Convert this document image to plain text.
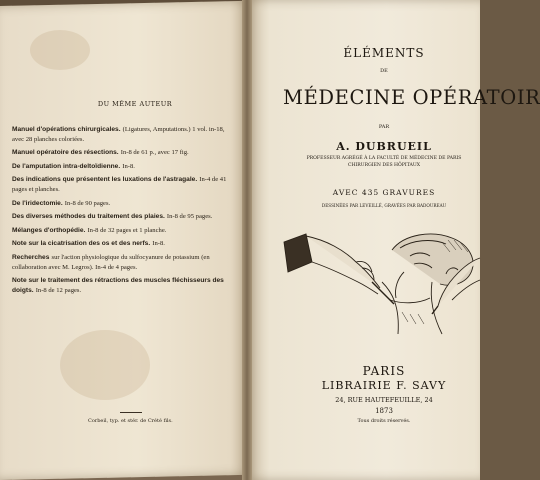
DU MÊME AUTEUR
Manuel d'opérations chirurgicales. (Ligatures, Amputations.) 1 vol. in-18, avec 28 planches coloriées.
Manuel opératoire des résections. In-8 de 61 p., avec 17 fig.
De l'amputation intra-deltoïdienne. In-8.
Des indications que présentent les luxations de l'astragale. In-4 de 41 pages et planches.
De l'iridectomie. In-8 de 90 pages.
Des diverses méthodes du traitement des plaies. In-8 de 95 pages.
Mélanges d'orthopédie. In-8 de 32 pages et 1 planche.
Note sur la cicatrisation des os et des nerfs. In-8.
Recherches sur l'action physiologique du sulfocyanure de potassium (en collaboration avec M. Legros). In-4 de 4 pages.
Note sur le traitement des rétractions des muscles fléchisseurs des doigts. In-8 de 12 pages.
Corbeil, typ. et stér. de Crété fils.
ÉLÉMENTS
DE
MÉDECINE OPÉRATOIR
PAR
A. DUBRUEIL
PROFESSEUR AGRÉGÉ À LA FACULTÉ DE MÉDECINE DE PARIS
CHIRURGIEN DES HÔPITAUX
AVEC 435 GRAVURES
DESSINÉES PAR LEVEILLÉ, GRAVÉES PAR BADOUREAU
PARIS
LIBRAIRIE F. SAVY
24, RUE HAUTEFEUILLE, 24
1873
Tous droits réservés.
